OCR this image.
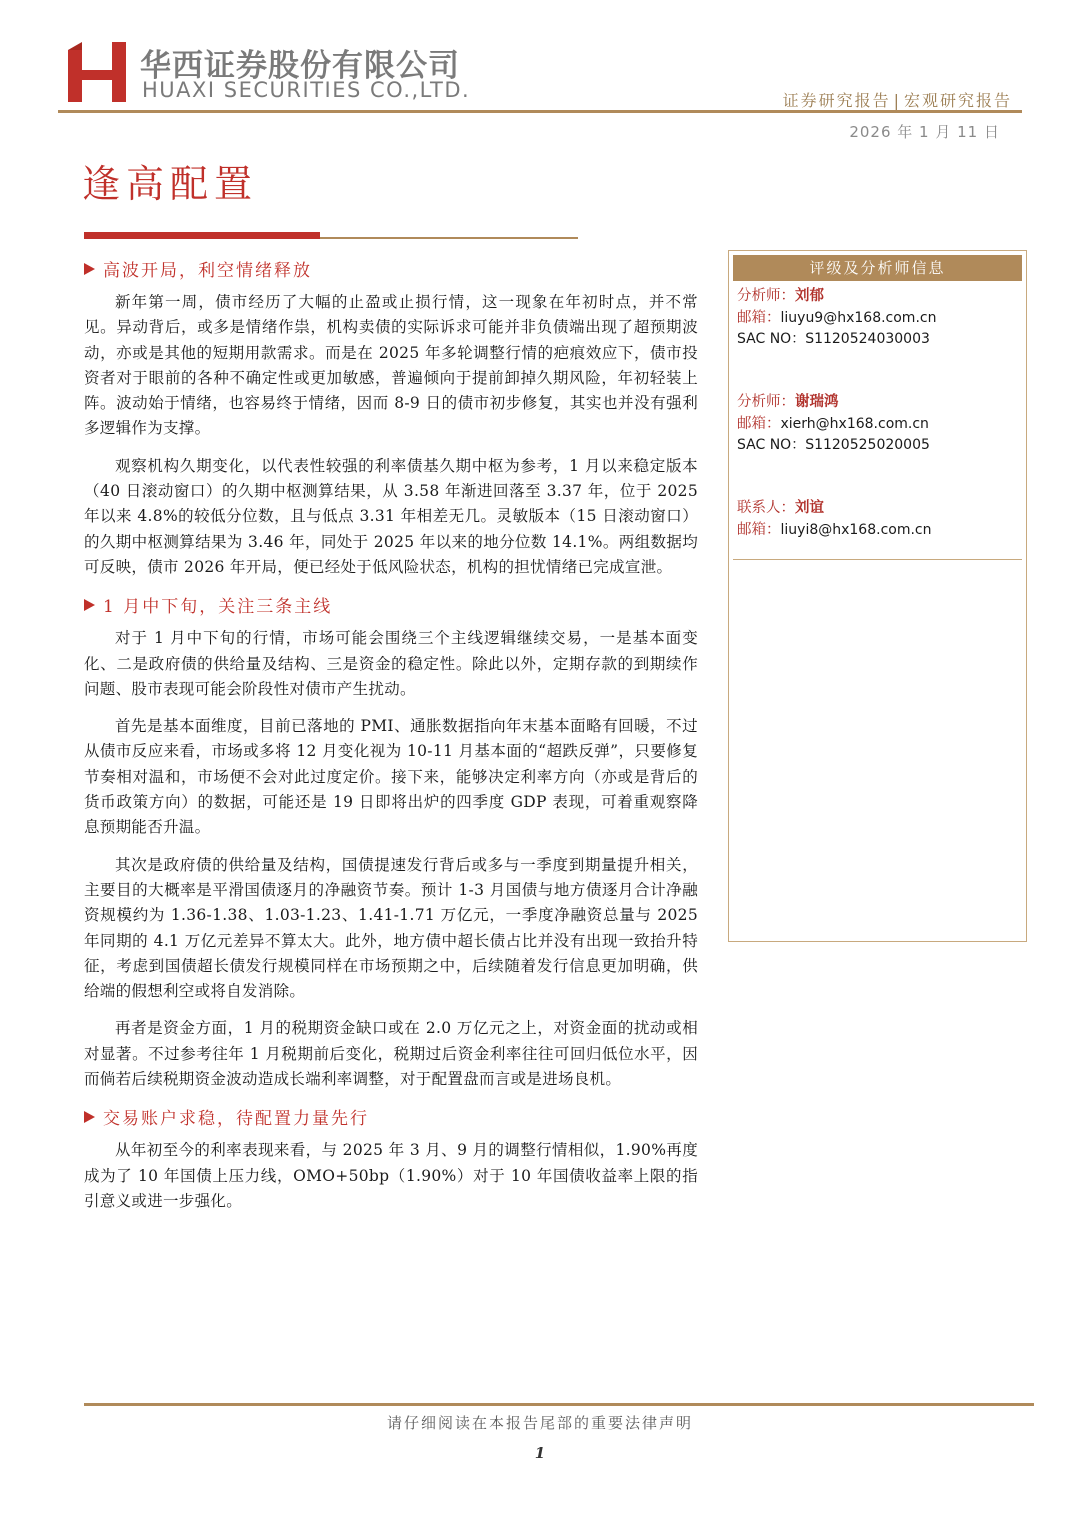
华西证券股份有限公司
HUAXI SECURITIES CO.,LTD.	证券研究报告 | 宏观研究报告
2026 年 1 月 11 日
逢高配置
高波开局，利空情绪释放

新年第一周，债市经历了大幅的止盈或止损行情，这一现象在年初时点，并不常见。异动背后，或多是情绪作祟，机构卖债的实际诉求可能并非负债端出现了超预期波动，亦或是其他的短期用款需求。而是在 2025 年多轮调整行情的疤痕效应下，债市投资者对于眼前的各种不确定性或更加敏感，普遍倾向于提前卸掉久期风险，年初轻装上阵。波动始于情绪，也容易终于情绪，因而 8-9 日的债市初步修复，其实也并没有强利多逻辑作为支撑。

观察机构久期变化，以代表性较强的利率债基久期中枢为参考，1 月以来稳定版本（40 日滚动窗口）的久期中枢测算结果，从 3.58 年渐进回落至 3.37 年，位于 2025 年以来 4.8%的较低分位数，且与低点 3.31 年相差无几。灵敏版本（15 日滚动窗口）的久期中枢测算结果为 3.46 年，同处于 2025 年以来的地分位数 14.1%。两组数据均可反映，债市 2026 年开局，便已经处于低风险状态，机构的担忧情绪已完成宣泄。

1 月中下旬，关注三条主线

对于 1 月中下旬的行情，市场可能会围绕三个主线逻辑继续交易，一是基本面变化、二是政府债的供给量及结构、三是资金的稳定性。除此以外，定期存款的到期续作问题、股市表现可能会阶段性对债市产生扰动。

首先是基本面维度，目前已落地的 PMI、通胀数据指向年末基本面略有回暖，不过从债市反应来看，市场或多将 12 月变化视为 10-11 月基本面的“超跌反弹”，只要修复节奏相对温和，市场便不会对此过度定价。接下来，能够决定利率方向（亦或是背后的货币政策方向）的数据，可能还是 19 日即将出炉的四季度 GDP 表现，可着重观察降息预期能否升温。

其次是政府债的供给量及结构，国债提速发行背后或多与一季度到期量提升相关，主要目的大概率是平滑国债逐月的净融资节奏。预计 1-3 月国债与地方债逐月合计净融资规模约为 1.36-1.38、1.03-1.23、1.41-1.71 万亿元，一季度净融资总量与 2025 年同期的 4.1 万亿元差异不算太大。此外，地方债中超长债占比并没有出现一致抬升特征，考虑到国债超长债发行规模同样在市场预期之中，后续随着发行信息更加明确，供给端的假想利空或将自发消除。

再者是资金方面，1 月的税期资金缺口或在 2.0 万亿元之上，对资金面的扰动或相对显著。不过参考往年 1 月税期前后变化，税期过后资金利率往往可回归低位水平，因而倘若后续税期资金波动造成长端利率调整，对于配置盘而言或是进场良机。

交易账户求稳，待配置力量先行

从年初至今的利率表现来看，与 2025 年 3 月、9 月的调整行情相似，1.90%再度成为了 10 年国债上压力线，OMO+50bp（1.90%）对于 10 年国债收益率上限的指引意义或进一步强化。

评级及分析师信息
分析师：刘郁
邮箱：liuyu9@hx168.com.cn
SAC NO：S1120524030003
分析师：谢瑞鸿
邮箱：xierh@hx168.com.cn
SAC NO：S1120525020005
联系人：刘谊
邮箱：liuyi8@hx168.com.cn
请仔细阅读在本报告尾部的重要法律声明
1
